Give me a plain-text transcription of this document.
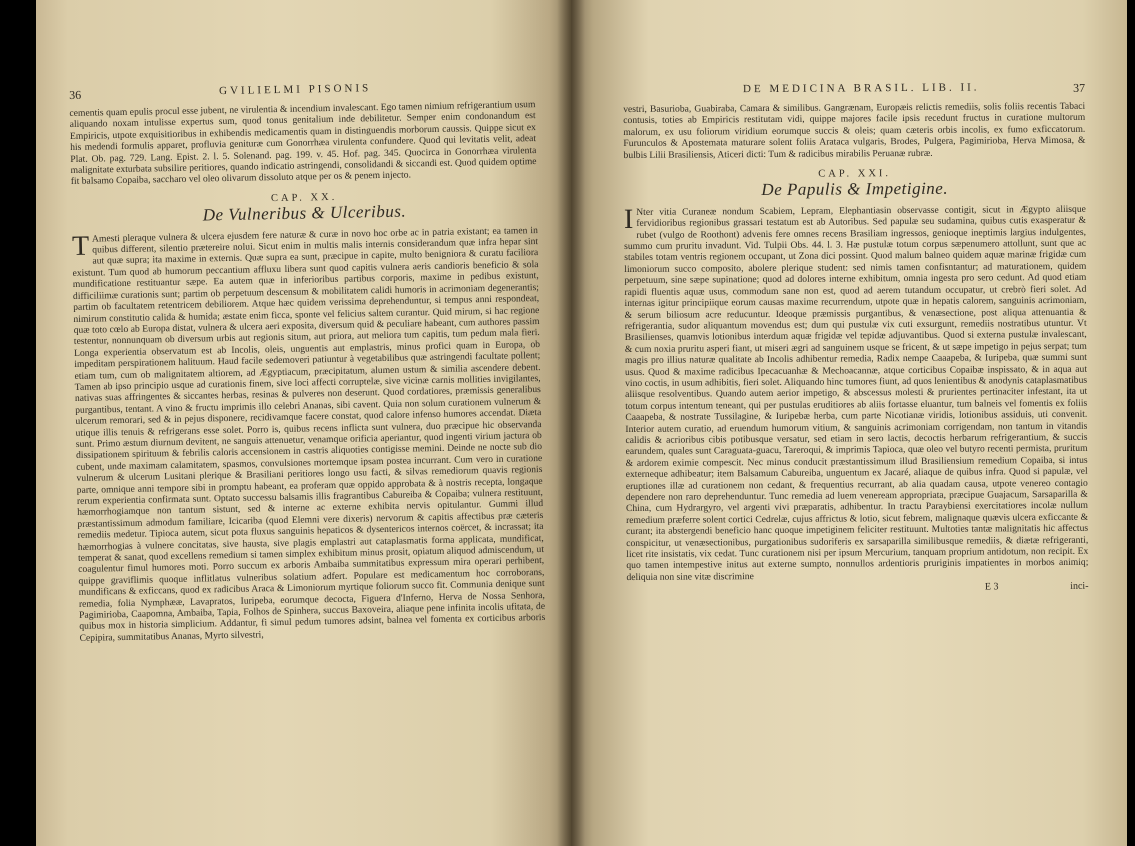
36	GVILIELMI PISONIS

cementis quam epulis procul esse jubent, ne virulentia & incendium invalescant. Ego tamen nimium refrigerantium usum aliquando noxam intulisse expertus sum, quod tonus genitalium inde debilitetur. Semper enim condonandum est Empiricis, utpote exquisitioribus in exhibendis medicamentis quam in distinguendis morborum caussis. Quippe sicut ex his medendi formulis apparet, profluvia genituræ cum Gonorrhæa virulenta confundere. Quod qui levitatis velit, adeat Plat. Ob. pag. 729. Lang. Epist. 2. l. 5. Solenand. pag. 199. v. 45. Hof. pag. 345. Quocirca in Gonorrhæa virulenta malignitate exturbata subsilire peritiores, quando indicatio astringendi, consolidandi & siccandi est. Quod quidem optime fit balsamo Copaiba, saccharo vel oleo olivarum dissoluto atque per os & penem injecto.

CAP. XX.
De Vulneribus & Ulceribus.

T Amesti pleraque vulnera & ulcera ejusdem fere naturæ & curæ in novo hoc orbe ac in patria existant; ea tamen in quibus different, silentio prætereire nolui. Sicut enim in multis malis internis considerandum quæ infra hepar sint aut quæ supra; ita maxime in externis. Quæ supra ea sunt, præcipue in capite, multo benigniora & curatu faciliora existunt. Tum quod ab humorum peccantium affluxu libera sunt quod capitis vulnera aeris candioris beneficio & sola mundificatione restituantur sæpe. Ea autem quæ in inferioribus partibus corporis, maxime in pedibus existunt, difficiliimæ curationis sunt; partim ob perpetuum descensum & mobilitatem calidi humoris in acrimoniam degenerantis; partim ob facultatem retentricem debiliorem. Atque hæc quidem verissima deprehenduntur, si tempus anni respondeat, nimirum constitutio calida & humida; æstate enim ficca, sponte vel felicius saltem curantur. Quid mirum, si hac regione quæ toto cœlo ab Europa distat, vulnera & ulcera aeri exposita, diversum quid & peculiare habeant, cum authores passim testentur, nonnunquam ob diversum urbis aut regionis situm, aut priora, aut meliora tum capitis, tum pedum mala fieri. Longa experientia observatum est ab Incolis, oleis, unguentis aut emplastris, minus profici quam in Europa, ob impeditam perspirationem halituum. Haud facile sedemoveri patiuntur à vegetabilibus quæ astringendi facultate pollent; etiam tum, cum ob malignitatem altiorem, ad Ægyptiacum, præcipitatum, alumen ustum & similia ascendere debent. Tamen ab ipso principio usque ad curationis finem, sive loci affecti corruptelæ, sive vicinæ carnis mollities invigilantes, nativas suas affringentes & siccantes herbas, resinas & pulveres non deserunt. Quod cordatiores, præmissis generalibus purgantibus, tentant. A vino & fructu imprimis illo celebri Ananas, sibi cavent. Quia non solum curationem vulnerum & ulcerum remorari, sed & in pejus disponere, recidivamque facere constat, quod calore infenso humores accendat. Diæta utique illis tenuis & refrigerans esse solet. Porro is, quibus recens inflicta sunt vulnera, duo præcipue hic observanda sunt. Primo æstum diurnum devitent, ne sanguis attenuetur, venamque orificia aperiantur, quod ingenti virium jactura ob dissipationem spirituum & febrilis caloris accensionem in castris aliquoties contigisse memini. Deinde ne nocte sub dio cubent, unde maximam calamitatem, spasmos, convulsiones mortemque ipsam postea incurrant. Cum vero in curatione vulnerum & ulcerum Lusitani plerique & Brasiliani peritiores longo usu facti, & silvas remediorum quavis regionis parte, omnique anni tempore sibi in promptu habeant, ea proferam quæ oppido approbata & à nostris recepta, longaque rerum experientia confirmata sunt. Optato successu balsamis illis fragrantibus Cabureiba & Copaiba; vulnera restituunt, hæmorrhogiamque non tantum sistunt, sed & interne ac externe exhibita nervis opitulantur. Gummi illud præstantissimum admodum familiare, Icicariba (quod Elemni vere dixeris) nervorum & capitis affectibus præ cæteris remediis medetur. Tipioca autem, sicut pota fluxus sanguinis hepaticos & dysentericos internos coërcet, & incrassat; ita hæmorrhogias à vulnere concitatas, sive hausta, sive plagis emplastri aut cataplasmatis forma applicata, mundificat, temperat & sanat, quod excellens remedium si tamen simplex exhibitum minus prosit, opiatum aliquod admiscendum, ut coagulentur fimul humores moti. Porro succum ex arboris Ambaiba summitatibus expressum mira operari perhibent, quippe graviflimis quoque inflitlatus vulneribus solatium adfert. Populare est medicamentum hoc corroborans, mundificans & exficcans, quod ex radicibus Araca & Limoniorum myrtique foliorum succo fit. Communia denique sunt remedia, folia Nymphææ, Lavapratos, Iuripeba, eorumque decocta, Figuera d'Inferno, Herva de Nossa Senhora, Pagimirioba, Caapomna, Ambaiba, Tapia, Folhos de Spinhera, succus Baxoveira, aliaque pene infinita incolis ufitata, de quibus mox in historia simplicium. Addantur, fi simul pedum tumores adsint, balnea vel fomenta ex corticibus arboris Cepipira, summitatibus Ananas, Myrto silvestri,

DE MEDICINA BRASIL. LIB. II.	37

vestri, Basurioba, Guabiraba, Camara & similibus. Gangrænam, Europæis relictis remediis, solis foliis recentis Tabaci contusis, toties ab Empiricis restitutam vidi, quippe majores facile ipsis recedunt fructus in curatione multorum malorum, ex usu foliorum viridium eorumque succis & oleis; quam cæteris orbis incolis, ex fumo exficcatorum. Furunculos & Apostemata maturare solent foliis Arataca vulgaris, Brodes, Pulgera, Pagimirioba, Herva Mimosa, & bulbis Lilii Brasiliensis, Aticeri dicti: Tum & radicibus mirabilis Peruanæ rubræ.

CAP. XXI.
De Papulis & Impetigine.

I Nter vitia Curaneæ nondum Scabiem, Lepram, Elephantiasin observasse contigit, sicut in Ægypto aliisque fervidioribus regionibus grassari testatum est ab Autoribus. Sed papulæ seu sudamina, quibus cutis exasperatur & rubet (vulgo de Roothont) advenis fere omnes recens Brasiliam ingressos, genioque ineptimis largius indulgentes, summo cum pruritu invadunt. Vid. Tulpii Obs. 44. l. 3. Hæ pustulæ totum corpus sæpenumero attollunt, sunt que ac stabiles totam ventris regionem occupant, ut Zona dici possint. Quod malum balneo quidem aquæ marinæ frigidæ cum limoniorum succo composito, abolere plerique student: sed nimis tamen confisntantur; ad maturationem, quidem perpetuum, sine sæpe supinatione; quod ad dolores interne exhibitum, omnia ingesta pro sero cedunt. Ad quod etiam rapidi fluentis aquæ usus, commodum sane non est, quod ad aerem tutandum occupatur, ut crebrò fieri solet. Ad internas igitur principiique eorum causas maxime recurrendum, utpote quæ in hepatis calorem, sanguinis acrimoniam, & serum biliosum acre reducuntur. Ideoque præmissis purgantibus, & venæsectione, post aliqua attenuantia & refrigerantia, sudor aliquantum movendus est; dum qui pustulæ vix cuti exsurgunt, remediis nostratibus utuntur. Vt Brasilienses, quamvis lotionibus interdum aquæ frigidæ vel tepidæ adjuvantibus. Quod si externa pustulæ invalescant, & cum noxia pruritu asperi fiant, ut miseri ægri ad sanguinem usque se fricent, & ut sæpe impetigo in pejus serpat; tum magis pro illius naturæ qualitate ab Incolis adhibentur remedia, Radix nempe Caaapeba, & Iuripeba, quæ summi sunt usus. Quod & maxime radicibus Ipecacuanhæ & Mechoacannæ, atque corticibus Copaibæ inspissato, & in aqua aut vino coctis, in usum adhibitis, fieri solet. Aliquando hinc tumores fiunt, ad quos lenientibus & anodynis cataplasmatibus aliisque resolventibus. Quando autem aerior impetigo, & abscessus molesti & prurientes pertinaciter infestant, ita ut totum corpus intentum teneant, qui per pustulas eruditiores ab aliis fortasse eluantur, tum balneis vel fomentis ex foliis Caaapeba, & nostrate Tussilagine, & Iuripebæ herba, cum parte Nicotianæ viridis, lotionibus assiduis, uti convenit. Interior autem curatio, ad eruendum humorum vitium, & sanguinis acrimoniam corrigendam, non tantum in vitandis calidis & acrioribus cibis potibusque versatur, sed etiam in sero lactis, decoctis herbarum refrigerantium, & succis earundem, quales sunt Caraguata-guacu, Tareroqui, & imprimis Tapioca, quæ oleo vel butyro recenti permista, pruritum & ardorem eximie compescit. Nec minus conducit præstantissimum illud Brasiliensium remedium Copaiba, si intus externeque adhibeatur; item Balsamum Cabureiba, unguentum ex Jacaré, aliaque de quibus infra. Quod si papulæ, vel eruptiones illæ ad curationem non cedant, & frequentius recurrant, ab alia quadam causa, utpote venereo contagio dependere non raro deprehenduntur. Tunc remedia ad luem veneream appropriata, præcipue Guajacum, Sarsaparilla & China, cum Hydrargyro, vel argenti vivi præparatis, adhibentur. In tractu Paraybiensi exercitatiores incolæ nullum remedium præferre solent cortici Cedrelæ, cujus affrictus & lotio, sicut febrem, malignaque quævis ulcera exficcante & curant; ita abstergendi beneficio hanc quoque impetiginem feliciter restituunt. Multoties tantæ malignitatis hic affectus conspicitur, ut venæsectionibus, purgationibus sudoriferis ex sarsaparilla similibusque remediis, & diætæ refrigeranti, licet rite insistatis, vix cedat. Tunc curationem nisi per ipsum Mercurium, tanquam proprium antidotum, non recipit. Ex quo tamen intempestive initus aut externe sumpto, nonnullos ardentioris pruriginis impatientes in morbos animiq; deliquia non sine vitæ discrimine

E 3	inci-
